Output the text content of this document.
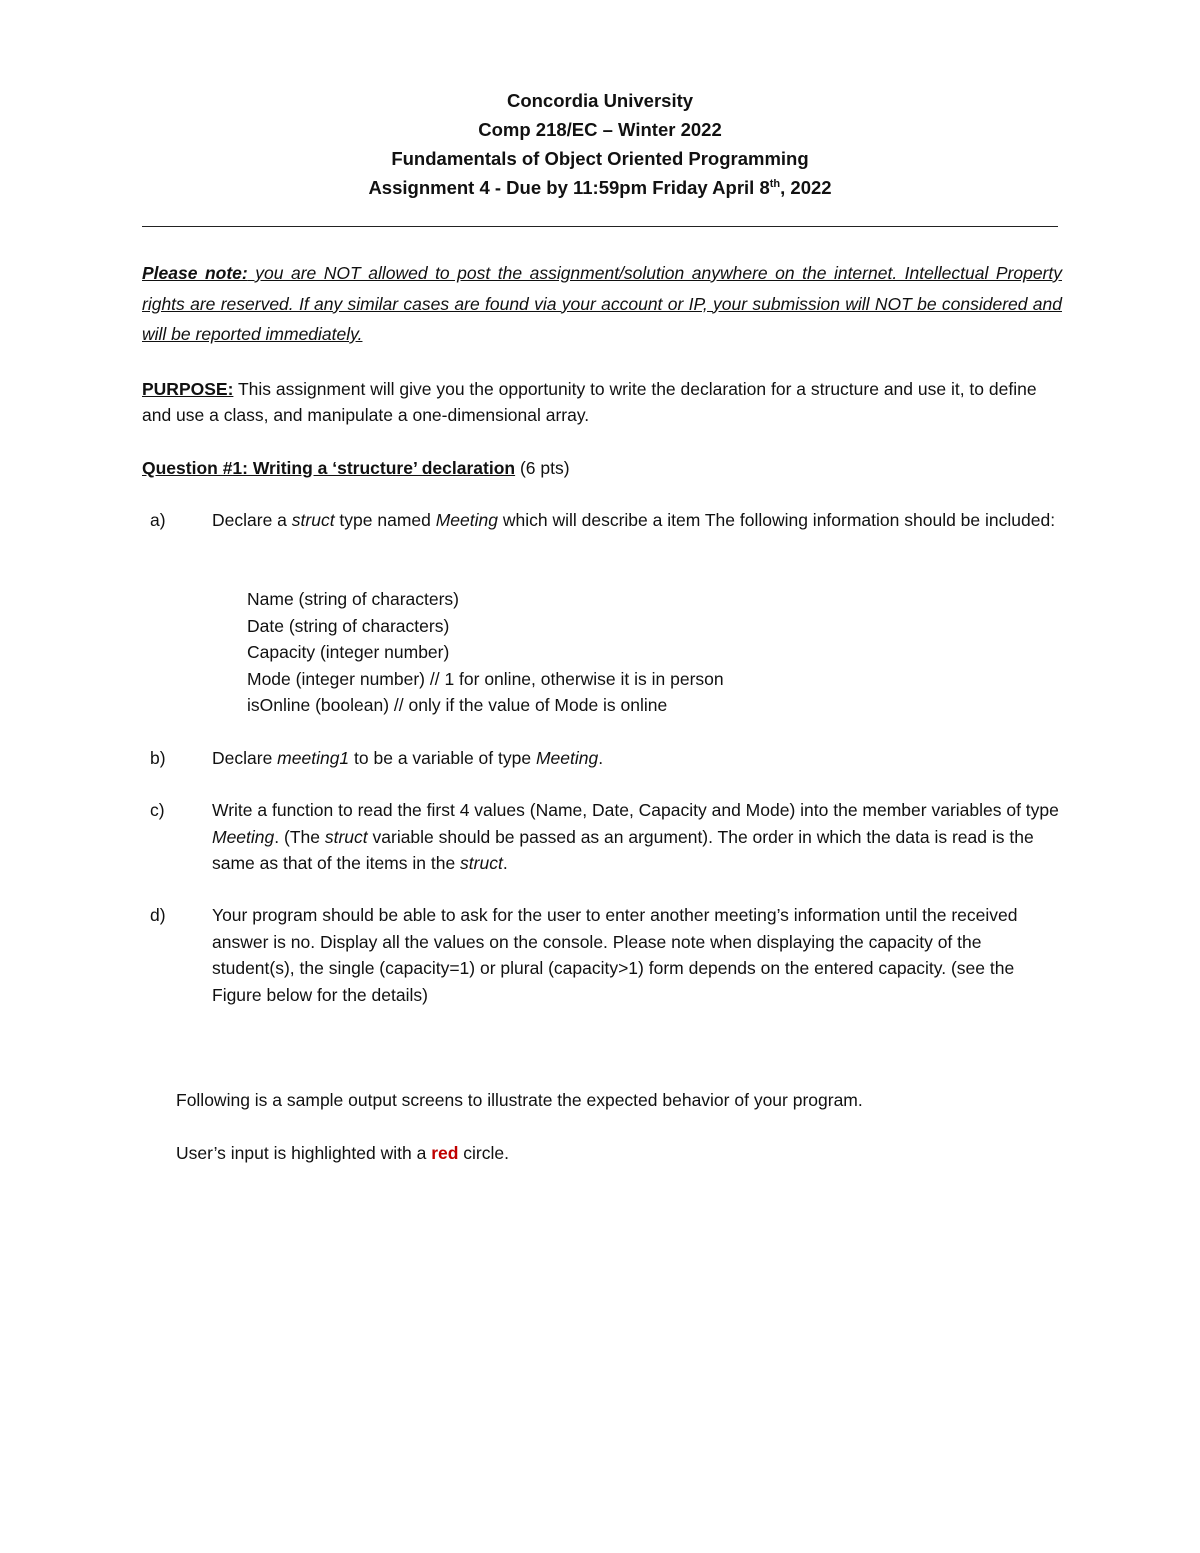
Concordia University
Comp 218/EC – Winter 2022
Fundamentals of Object Oriented Programming
Assignment 4 - Due by 11:59pm Friday April 8th, 2022
Please note: you are NOT allowed to post the assignment/solution anywhere on the internet. Intellectual Property rights are reserved. If any similar cases are found via your account or IP, your submission will NOT be considered and will be reported immediately.
PURPOSE: This assignment will give you the opportunity to write the declaration for a structure and use it, to define and use a class, and manipulate a one-dimensional array.
Question #1: Writing a ‘structure’ declaration (6 pts)
a)	Declare a struct type named Meeting which will describe a item The following information should be included:
Name (string of characters)
Date (string of characters)
Capacity (integer number)
Mode (integer number) // 1 for online, otherwise it is in person
isOnline (boolean) // only if the value of Mode is online
b)	Declare meeting1 to be a variable of type Meeting.
c)	Write a function to read the first 4 values (Name, Date, Capacity and Mode) into the member variables of type Meeting. (The struct variable should be passed as an argument). The order in which the data is read is the same as that of the items in the struct.
d)	Your program should be able to ask for the user to enter another meeting’s information until the received answer is no. Display all the values on the console. Please note when displaying the capacity of the student(s), the single (capacity=1) or plural (capacity>1) form depends on the entered capacity. (see the Figure below for the details)
Following is a sample output screens to illustrate the expected behavior of your program.
User’s input is highlighted with a red circle.
